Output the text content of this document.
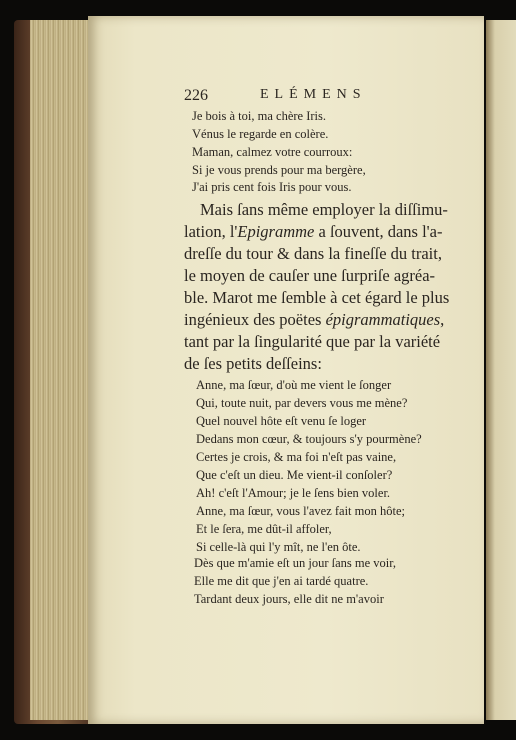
226	ELÉMENS
Je bois à toi, ma chère Iris.
Vénus le regarde en colère.
Maman, calmez votre courroux:
Si je vous prends pour ma bergère,
J'ai pris cent fois Iris pour vous.
Mais ſans même employer la diſſimu-
lation, l'Epigramme a ſouvent, dans l'a-
dreſſe du tour & dans la fineſſe du trait,
le moyen de cauſer une ſurpriſe agréa-
ble. Marot me ſemble à cet égard le plus
ingénieux des poëtes épigrammatiques,
tant par la ſingularité que par la variété
de ſes petits deſſeins:
Anne, ma ſœur, d'où me vient le ſonger
Qui, toute nuit, par devers vous me mène?
Quel nouvel hôte eſt venu ſe loger
Dedans mon cœur, & toujours s'y pourmène?
Certes je crois, & ma foi n'eſt pas vaine,
Que c'eſt un dieu. Me vient-il conſoler?
Ah! c'eſt l'Amour; je le ſens bien voler.
Anne, ma ſœur, vous l'avez fait mon hôte;
Et le ſera, me dût-il affoler,
Si celle-là qui l'y mît, ne l'en ôte.
Dès que m'amie eſt un jour ſans me voir,
Elle me dit que j'en ai tardé quatre.
Tardant deux jours, elle dit ne m'avoir
